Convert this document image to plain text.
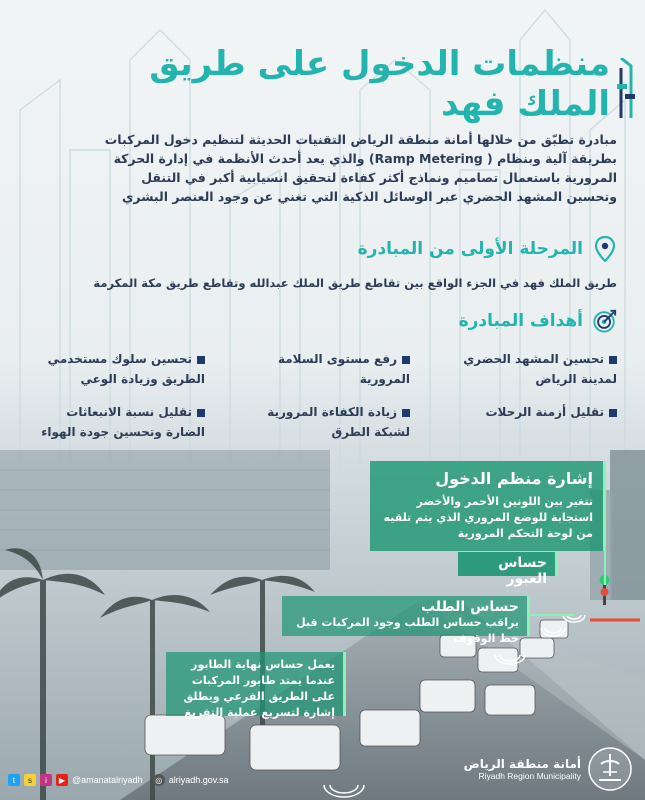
منظمات الدخول على طريق الملك فهد

مبادرة تطبّق من خلالها أمانة منطقة الرياض التقنيات الحديثة لتنظيم دخول المركبات بطريقة آلية وبنظام ( Ramp Metering) والذي يعد أحدث الأنظمة في إدارة الحركة المرورية باستعمال تصاميم ونماذج أكثر كفاءة لتحقيق انسيابية أكبر في التنقل وتحسين المشهد الحضري عبر الوسائل الذكية التي تغني عن وجود العنصر البشري

المرحلة الأولى من المبادرة

طريق الملك فهد في الجزء الواقع بين تقاطع طريق الملك عبدالله وتقاطع طريق مكة المكرمة

أهداف المبادرة
تحسين المشهد الحضري لمدينة الرياض
رفع مستوى السلامة المرورية
تحسين سلوك مستخدمي الطريق وزيادة الوعي
تقليل أزمنة الرحلات
زيادة الكفاءة المرورية
تقليل نسبة الانبعاثات
إشارة منظم الدخول
تتغير بين اللونين الأحمر والأخضر استجابة للوضع المروري الذي يتم تلقيه من لوحة التحكم المرورية
حساس العبور
حساس الطلب
يراقب حساس الطلب وجود المركبات قبل خط الوقوف
يعمل حساس نهاية الطابور عندما يمتد طابور المركبات على الطريق الفرعي ويطلق إشارة لتسريع عملية التفريغ
t	s	i	▶ @amanatalriyadh	◎ alriyadh.gov.sa
أمانة منطقة الرياض
Riyadh Region Municipality
